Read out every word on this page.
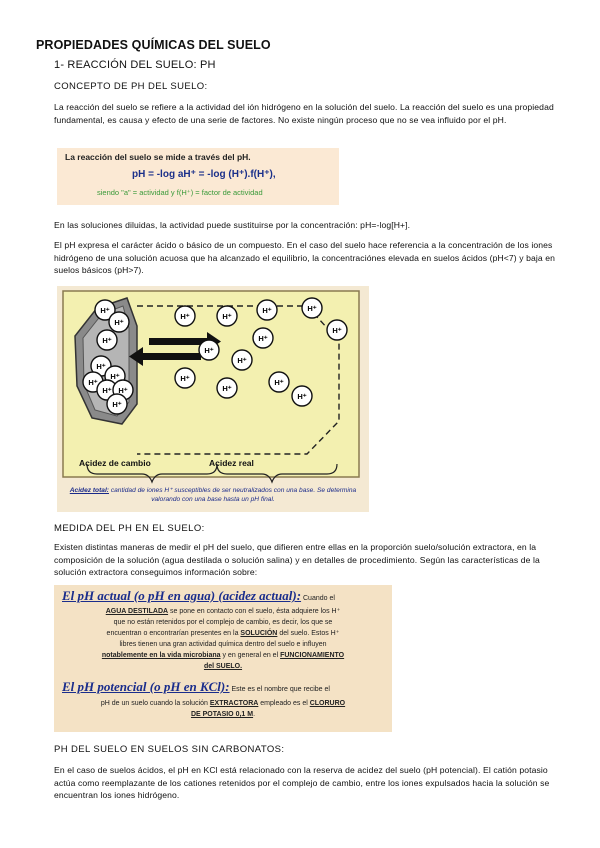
PROPIEDADES QUÍMICAS DEL SUELO
1- REACCIÓN DEL SUELO: PH
CONCEPTO DE PH DEL SUELO:
La reacción del suelo se refiere a la actividad del ión hidrógeno en la solución del suelo. La reacción del suelo es una propiedad fundamental, es causa y efecto de una serie de factores. No existe ningún proceso que no se vea influido por el pH.
La reacción del suelo se mide a través del pH.
pH = -log aH⁺ = -log (H⁺).f(H⁺),
siendo "a" = actividad y f(H⁺) = factor de actividad
En las soluciones diluidas, la actividad puede sustituirse por la concentración: pH=-log[H+].
El pH expresa el carácter ácido o básico de un compuesto. En el caso del suelo hace referencia a la concentración de los iones hidrógeno de una solución acuosa que ha alcanzado el equilibrio, la concentraciónes elevada en suelos ácidos (pH<7) y baja en suelos básicos (pH>7).
H⁺
H⁺
H⁺
H⁺
H⁺
H⁺
H⁺ H⁺
H⁺
H⁺	H⁺
H⁺	H⁺
H⁺
H⁺
H⁺
H⁺
H⁺
H⁺
H⁺
H⁺
Acidez de cambio	Acidez real
Acidez total: cantidad de iones H⁺ susceptibles de ser neutralizados con una base. Se determina valorando con una base hasta un pH final.
MEDIDA DEL PH EN EL SUELO:
Existen distintas maneras de medir el pH del suelo, que difieren entre ellas en la proporción suelo/solución extractora, en la composición de la solución (agua destilada o solución salina) y en detalles de procedimiento. Según las características de la solución extractora conseguimos información sobre:
El pH actual (o pH en agua) (acidez actual): Cuando el
AGUA DESTILADA se pone en contacto con el suelo, ésta adquiere los H⁺
que no están retenidos por el complejo de cambio, es decir, los que se
encuentran o encontrarían presentes en la SOLUCIÓN del suelo. Estos H⁺
libres tienen una gran actividad química dentro del suelo e influyen
notablemente en la vida microbiana y en general en el FUNCIONAMIENTO
del SUELO.
El pH potencial (o pH en KCl): Este es el nombre que recibe el
pH de un suelo cuando la solución EXTRACTORA empleado es el CLORURO
DE POTASIO 0,1 M.
PH DEL SUELO EN SUELOS SIN CARBONATOS:
En el caso de suelos ácidos, el pH en KCl está relacionado con la reserva de acidez del suelo (pH potencial). El catión potasio actúa como reemplazante de los cationes retenidos por el complejo de cambio, entre los iones expulsados hacia la solución se encuentran los iones hidrógeno.
